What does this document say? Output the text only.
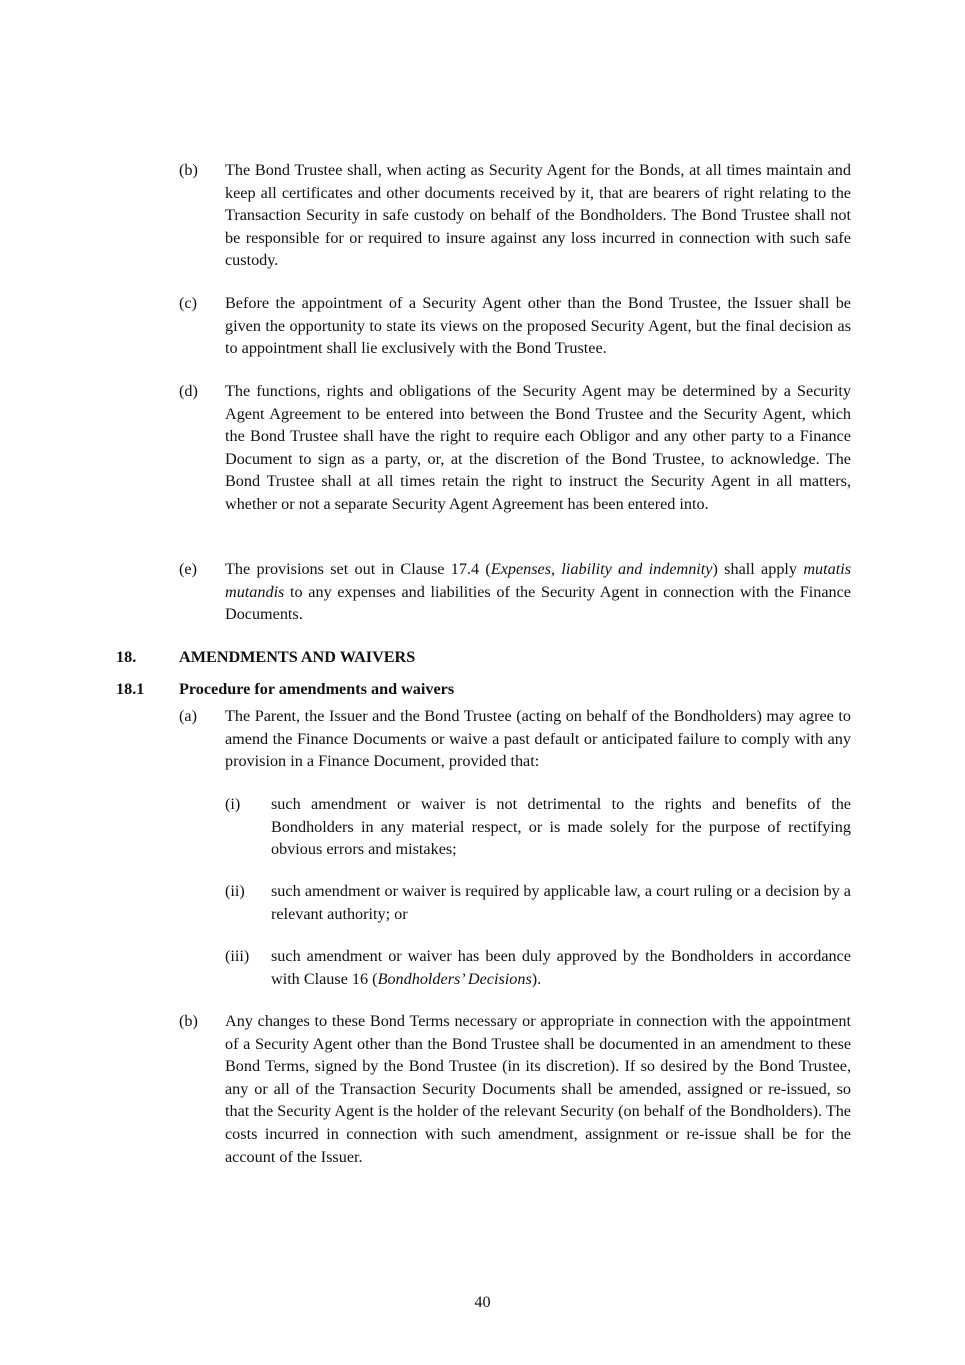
(b) The Bond Trustee shall, when acting as Security Agent for the Bonds, at all times maintain and keep all certificates and other documents received by it, that are bearers of right relating to the Transaction Security in safe custody on behalf of the Bondholders. The Bond Trustee shall not be responsible for or required to insure against any loss incurred in connection with such safe custody.
(c) Before the appointment of a Security Agent other than the Bond Trustee, the Issuer shall be given the opportunity to state its views on the proposed Security Agent, but the final decision as to appointment shall lie exclusively with the Bond Trustee.
(d) The functions, rights and obligations of the Security Agent may be determined by a Security Agent Agreement to be entered into between the Bond Trustee and the Security Agent, which the Bond Trustee shall have the right to require each Obligor and any other party to a Finance Document to sign as a party, or, at the discretion of the Bond Trustee, to acknowledge. The Bond Trustee shall at all times retain the right to instruct the Security Agent in all matters, whether or not a separate Security Agent Agreement has been entered into.
(e) The provisions set out in Clause 17.4 (Expenses, liability and indemnity) shall apply mutatis mutandis to any expenses and liabilities of the Security Agent in connection with the Finance Documents.
18.	AMENDMENTS AND WAIVERS
18.1 Procedure for amendments and waivers
(a) The Parent, the Issuer and the Bond Trustee (acting on behalf of the Bondholders) may agree to amend the Finance Documents or waive a past default or anticipated failure to comply with any provision in a Finance Document, provided that:
(i) such amendment or waiver is not detrimental to the rights and benefits of the Bondholders in any material respect, or is made solely for the purpose of rectifying obvious errors and mistakes;
(ii) such amendment or waiver is required by applicable law, a court ruling or a decision by a relevant authority; or
(iii) such amendment or waiver has been duly approved by the Bondholders in accordance with Clause 16 (Bondholders’ Decisions).
(b) Any changes to these Bond Terms necessary or appropriate in connection with the appointment of a Security Agent other than the Bond Trustee shall be documented in an amendment to these Bond Terms, signed by the Bond Trustee (in its discretion). If so desired by the Bond Trustee, any or all of the Transaction Security Documents shall be amended, assigned or re-issued, so that the Security Agent is the holder of the relevant Security (on behalf of the Bondholders). The costs incurred in connection with such amendment, assignment or re-issue shall be for the account of the Issuer.
40
